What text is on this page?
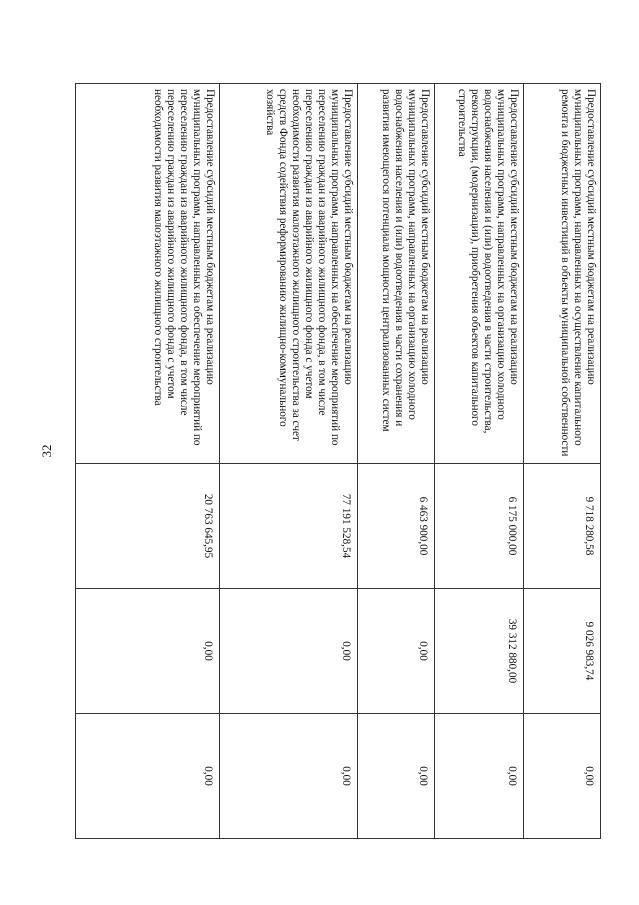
32
Предоставление субсидий местным бюджетам на реализацию муниципальных программ, направленных на осуществление капитального ремонта и бюджетных инвестиций в объекты муниципальной собственности	9 718 280,58	9 026 983,74	0,00
Предоставление субсидий местным бюджетам на реализацию муниципальных программ, направленных на организацию холодного водоснабжения населения и (или) водоотведения в части строительства, реконструкции, (модернизации), приобретения объектов капитального строительства	6 175 000,00	39 312 880,00	0,00
Предоставление субсидий местным бюджетам на реализацию муниципальных программ, направленных на организацию холодного водоснабжения населения и (или) водоотведения в части сохранения и развития имеющегося потенциала мощности централизованных систем	6 463 900,00	0,00	0,00
Предоставление субсидий местным бюджетам на реализацию муниципальных программ, направленных на обеспечение мероприятий по переселению граждан из аварийного жилищного фонда, в том числе переселению граждан из аварийного жилищного фонда с учетом необходимости развития малоэтажного жилищного строительства за счет средств Фонда содействия реформированию жилищно-коммунального хозяйства	77 191 528,54	0,00	0,00
Предоставление субсидий местным бюджетам на реализацию муниципальных программ, направленных на обеспечение мероприятий по переселению граждан из аварийного жилищного фонда, в том числе переселению граждан из аварийного жилищного фонда с учетом необходимости развития малоэтажного жилищного строительства	20 763 645,95	0,00	0,00
